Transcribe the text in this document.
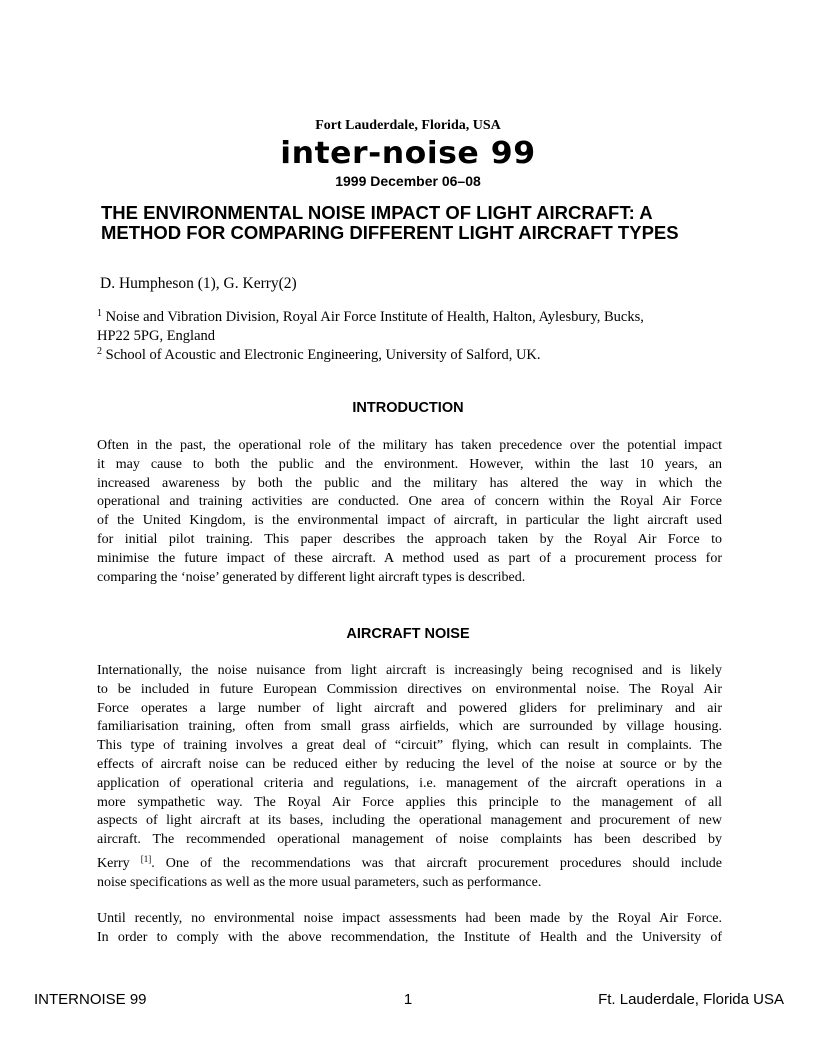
Fort Lauderdale, Florida, USA
inter-noise 99
1999 December 06–08
THE ENVIRONMENTAL NOISE IMPACT OF LIGHT AIRCRAFT: A
METHOD FOR COMPARING DIFFERENT LIGHT AIRCRAFT TYPES
D. Humpheson (1), G. Kerry(2)
$^1$ Noise and Vibration Division, Royal Air Force Institute of Health, Halton, Aylesbury, Bucks,
HP22 5PG, England
$^2$ School of Acoustic and Electronic Engineering, University of Salford, UK.
INTRODUCTION
Often in the past, the operational role of the military has taken precedence over the potential impact
it may cause to both the public and the environment. However, within the last 10 years, an
increased awareness by both the public and the military has altered the way in which the
operational and training activities are conducted. One area of concern within the Royal Air Force
of the United Kingdom, is the environmental impact of aircraft, in particular the light aircraft used
for initial pilot training. This paper describes the approach taken by the Royal Air Force to
minimise the future impact of these aircraft. A method used as part of a procurement process for
comparing the ‘noise’ generated by different light aircraft types is described.
AIRCRAFT NOISE
Internationally, the noise nuisance from light aircraft is increasingly being recognised and is likely
to be included in future European Commission directives on environmental noise. The Royal Air
Force operates a large number of light aircraft and powered gliders for preliminary and air
familiarisation training, often from small grass airfields, which are surrounded by village housing.
This type of training involves a great deal of “circuit” flying, which can result in complaints. The
effects of aircraft noise can be reduced either by reducing the level of the noise at source or by the
application of operational criteria and regulations, i.e. management of the aircraft operations in a
more sympathetic way. The Royal Air Force applies this principle to the management of all
aspects of light aircraft at its bases, including the operational management and procurement of new
aircraft. The recommended operational management of noise complaints has been described by
Kerry [1]. One of the recommendations was that aircraft procurement procedures should include
noise specifications as well as the more usual parameters, such as performance.
Until recently, no environmental noise impact assessments had been made by the Royal Air Force.
In order to comply with the above recommendation, the Institute of Health and the University of
INTERNOISE 99	1	Ft. Lauderdale, Florida USA
